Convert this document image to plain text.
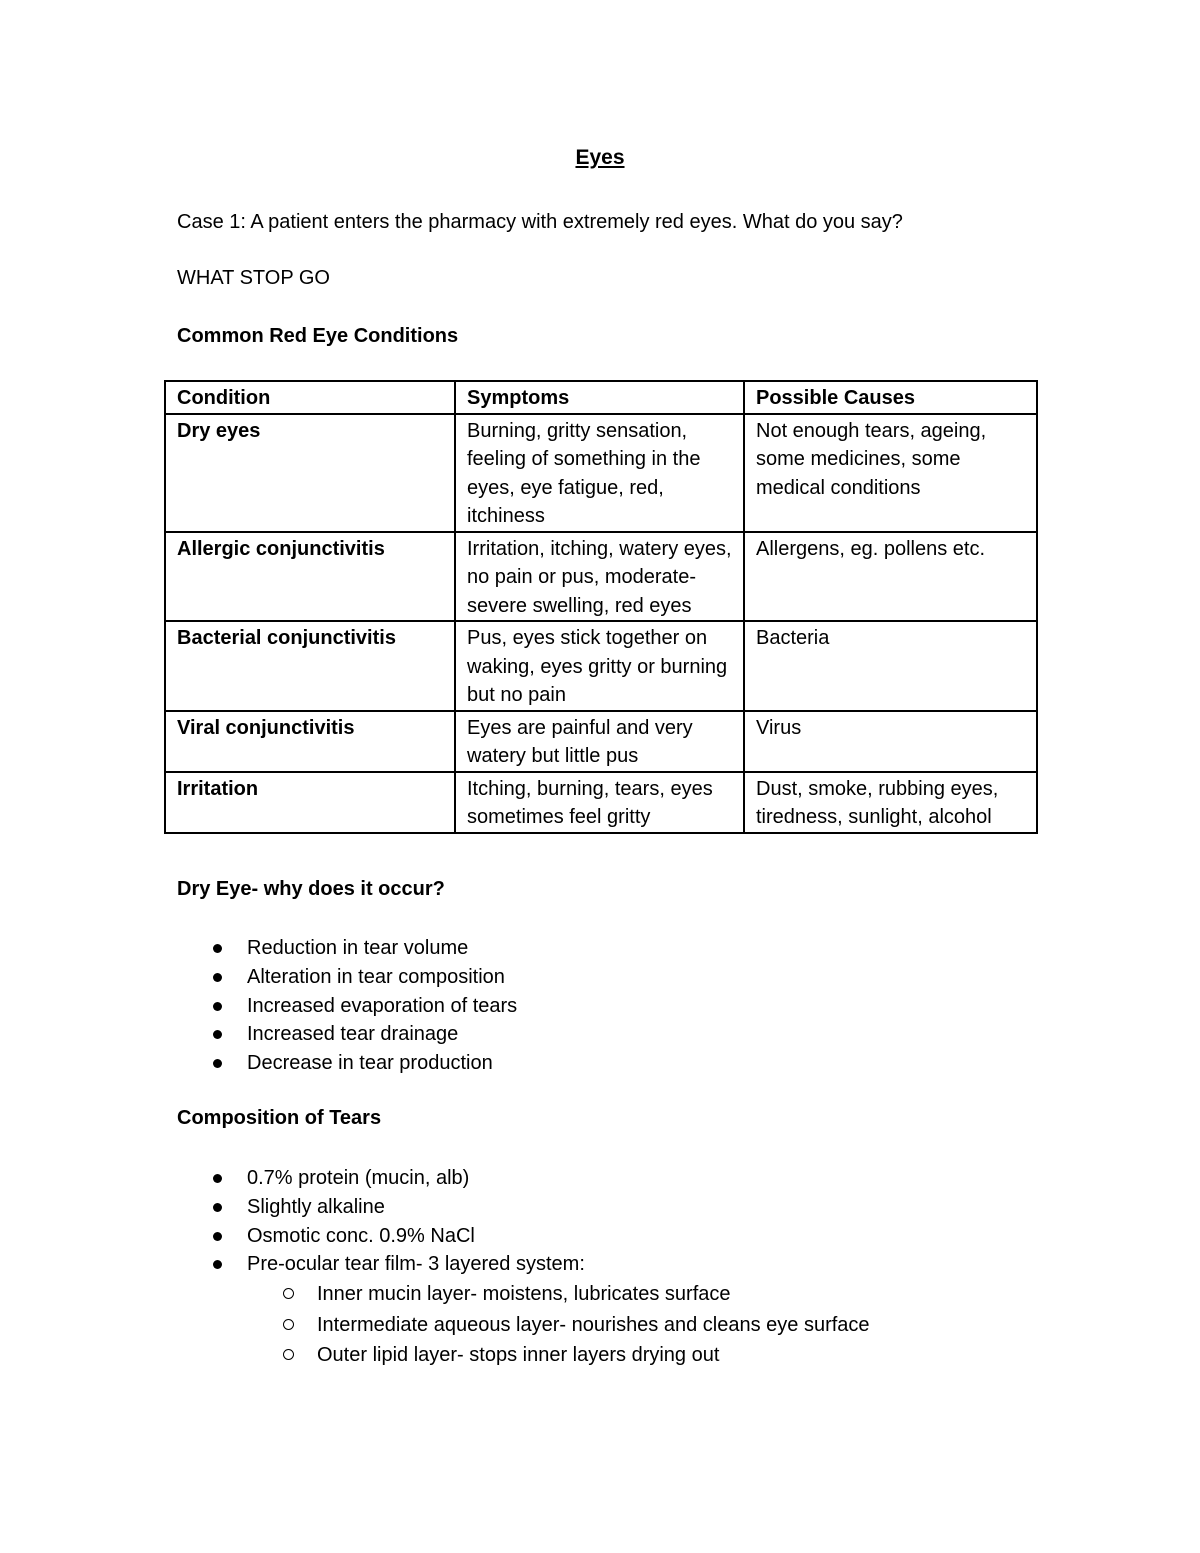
Eyes

Case 1: A patient enters the pharmacy with extremely red eyes. What do you say?

WHAT STOP GO

Common Red Eye Conditions

Condition	Symptoms	Possible Causes
Dry eyes	Burning, gritty sensation, feeling of something in the eyes, eye fatigue, red, itchiness	Not enough tears, ageing, some medicines, some medical conditions
Allergic conjunctivitis	Irritation, itching, watery eyes, no pain or pus, moderate-severe swelling, red eyes	Allergens, eg. pollens etc.
Bacterial conjunctivitis	Pus, eyes stick together on waking, eyes gritty or burning but no pain	Bacteria
Viral conjunctivitis	Eyes are painful and very watery but little pus	Virus
Irritation	Itching, burning, tears, eyes sometimes feel gritty	Dust, smoke, rubbing eyes, tiredness, sunlight, alcohol

Dry Eye- why does it occur?

Reduction in tear volume
Alteration in tear composition
Increased evaporation of tears
Increased tear drainage
Decrease in tear production

Composition of Tears

0.7% protein (mucin, alb)
Slightly alkaline
Osmotic conc. 0.9% NaCl
Pre-ocular tear film- 3 layered system:
Inner mucin layer- moistens, lubricates surface
Intermediate aqueous layer- nourishes and cleans eye surface
Outer lipid layer- stops inner layers drying out
